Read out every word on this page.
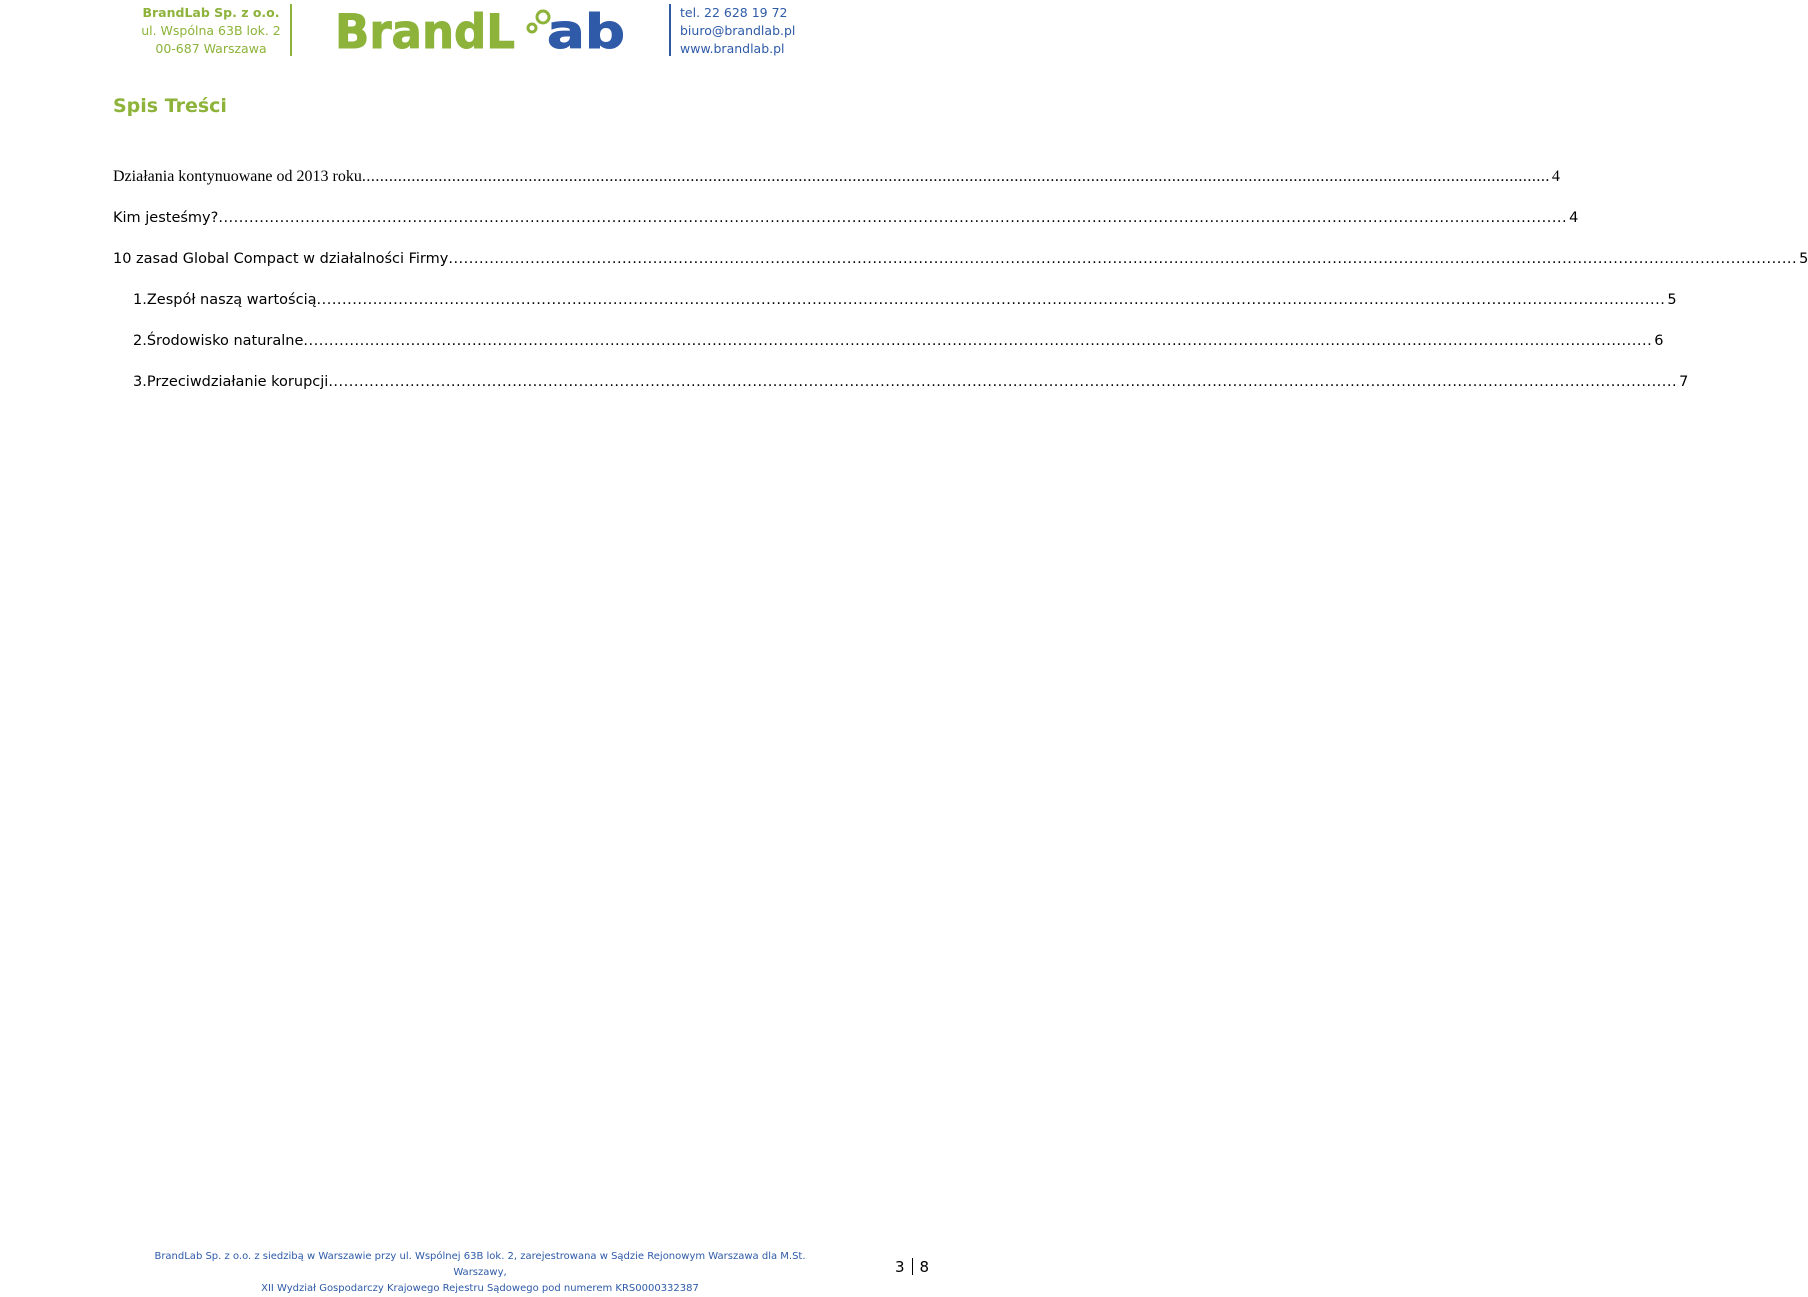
BrandLab Sp. z o.o.
ul. Wspólna 63B lok. 2
00-687 Warszawa	BrandL ab	tel. 22 628 19 72
biuro@brandlab.pl
www.brandlab.pl
Spis Treści
Działania kontynuowane od 2013 roku .....	4
Kim jesteśmy? .....	4
10 zasad Global Compact w działalności Firmy .....	5
1. Zespół naszą wartością .....	5
2. Środowisko naturalne .....	6
3. Przeciwdziałanie korupcji .....	7
BrandLab Sp. z o.o. z siedzibą w Warszawie przy ul. Wspólnej 63B lok. 2, zarejestrowana w Sądzie Rejonowym Warszawa dla M.St. Warszawy,
XII Wydział Gospodarczy Krajowego Rejestru Sądowego pod numerem KRS0000332387
3 8
